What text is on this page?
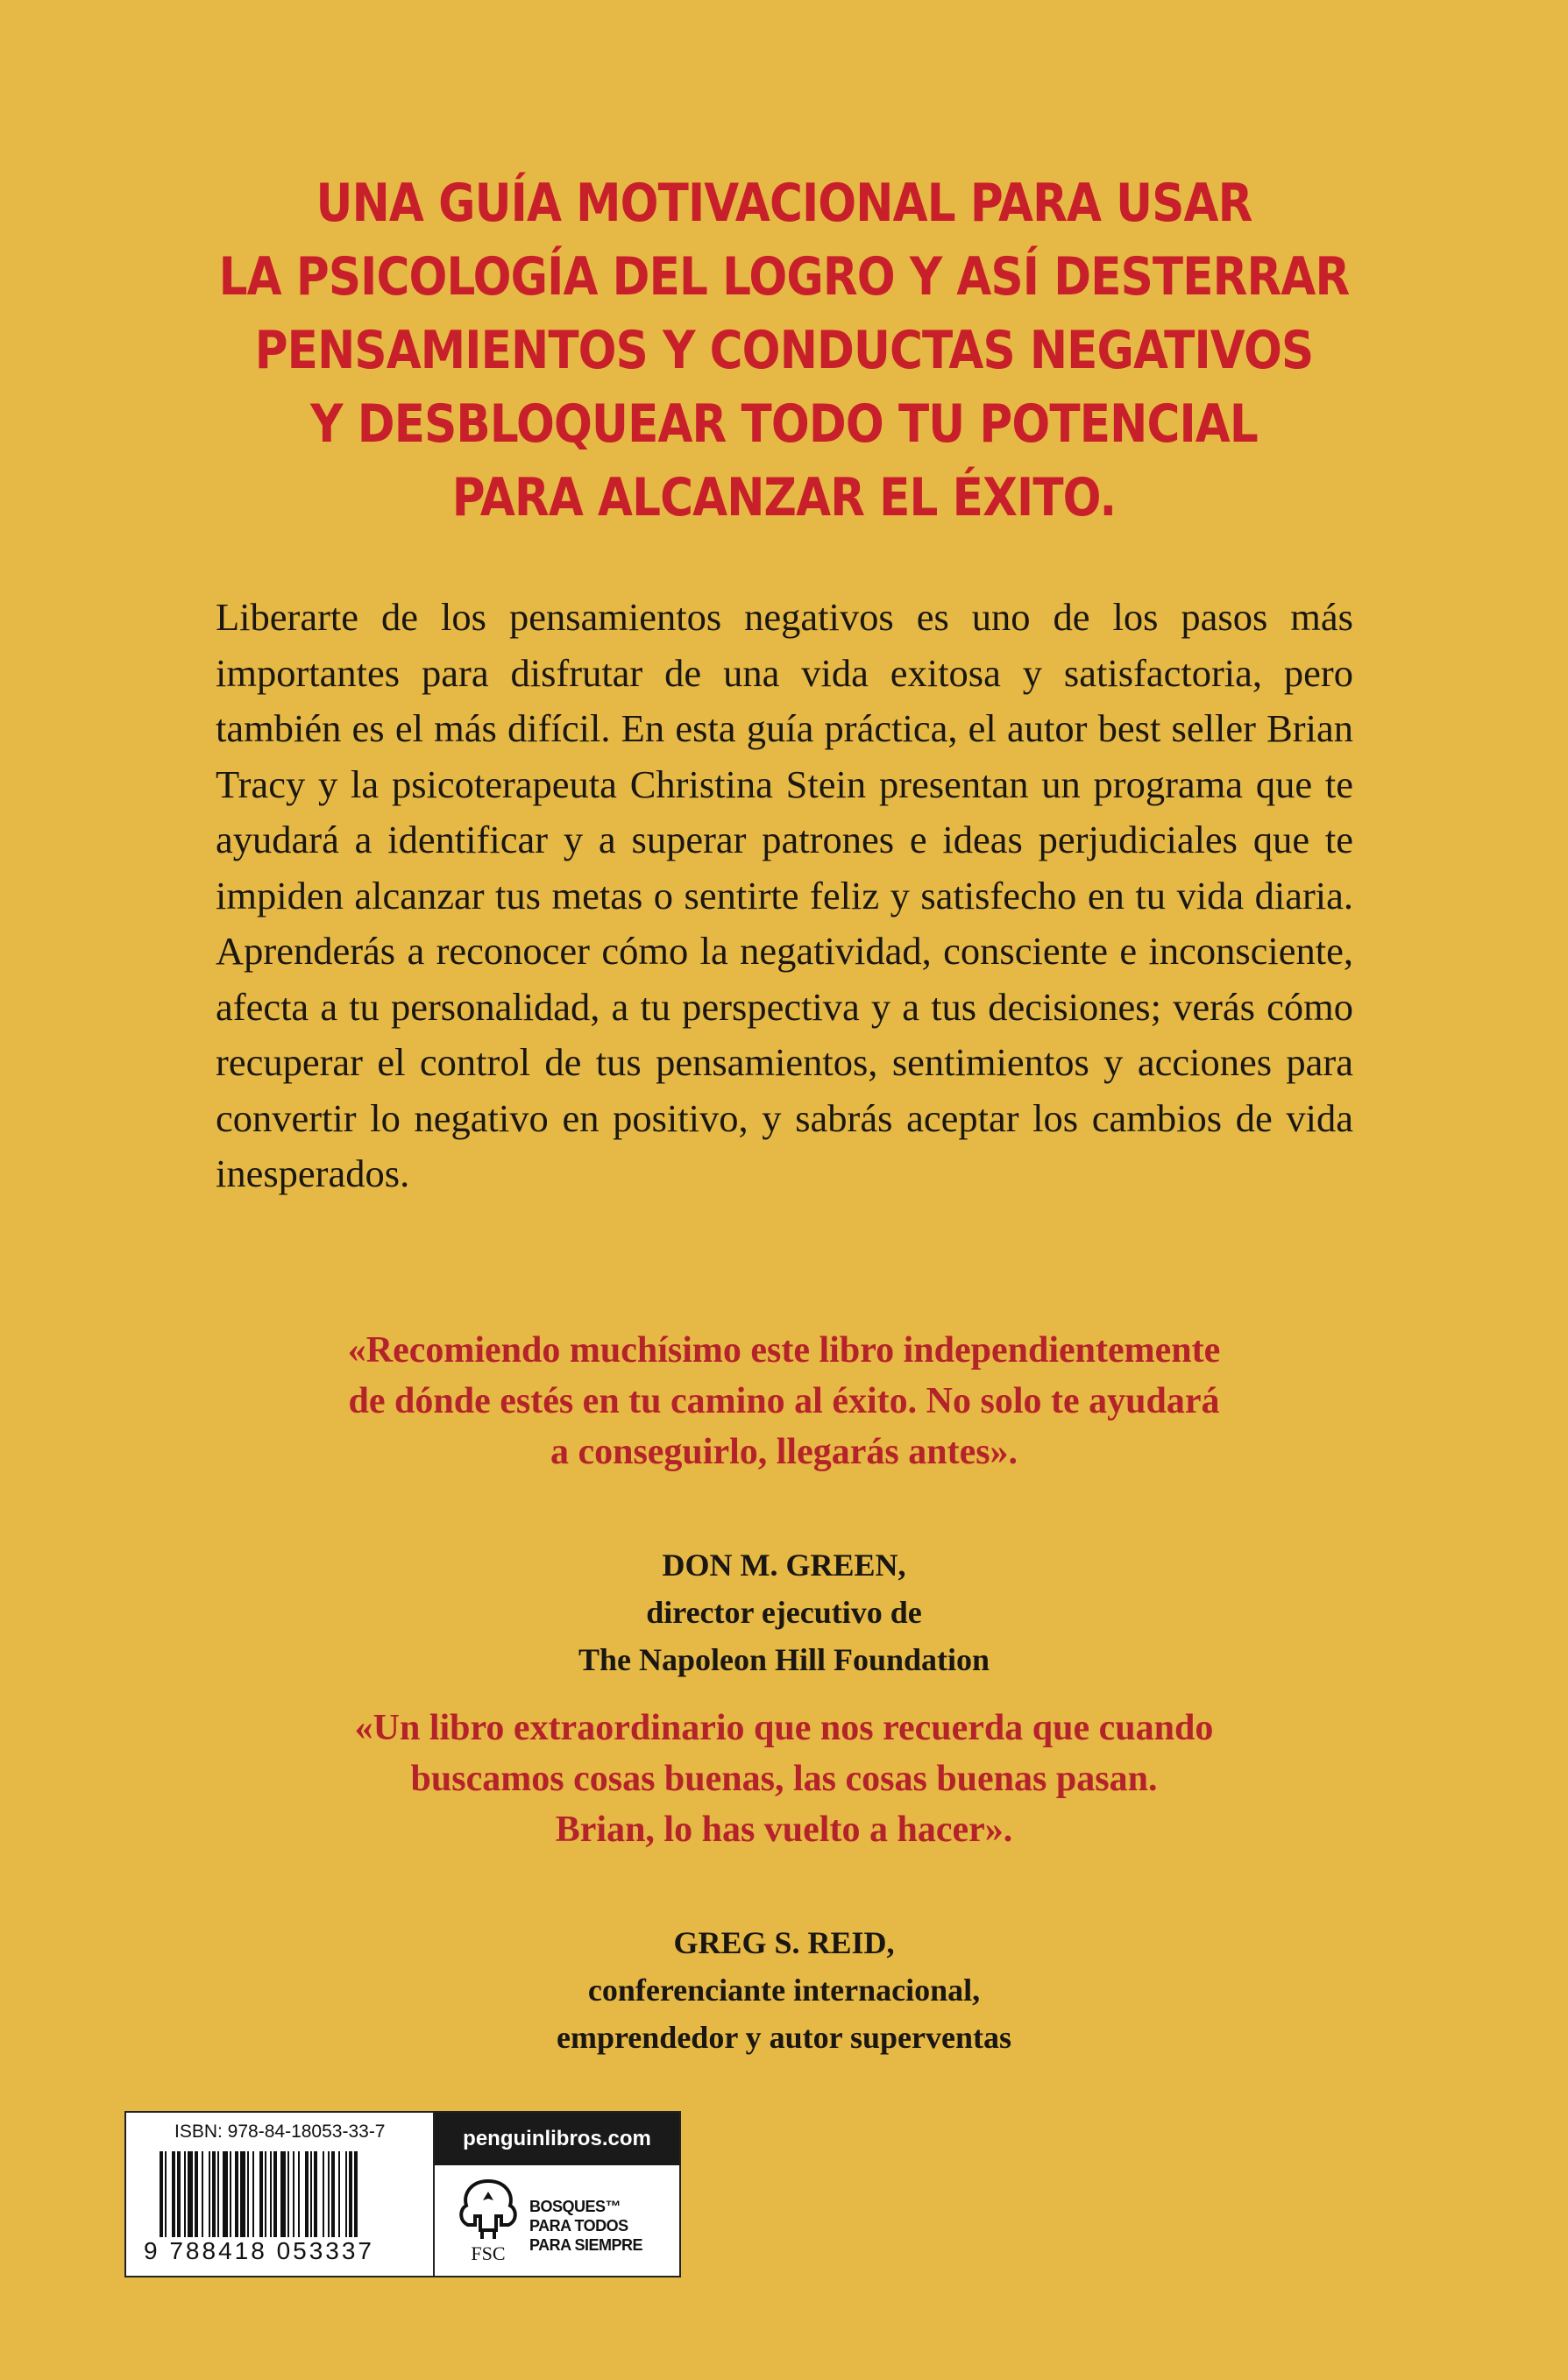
UNA GUÍA MOTIVACIONAL PARA USAR
LA PSICOLOGÍA DEL LOGRO Y ASÍ DESTERRAR
PENSAMIENTOS Y CONDUCTAS NEGATIVOS
Y DESBLOQUEAR TODO TU POTENCIAL
PARA ALCANZAR EL ÉXITO.
Liberarte de los pensamientos negativos es uno de los pasos más importantes para disfrutar de una vida exitosa y satisfactoria, pero también es el más difícil. En esta guía práctica, el autor best seller Brian Tracy y la psicoterapeuta Christina Stein presentan un programa que te ayudará a identificar y a superar patrones e ideas perjudiciales que te impiden alcanzar tus metas o sentirte feliz y satisfecho en tu vida diaria. Aprenderás a reconocer cómo la negatividad, consciente e inconsciente, afecta a tu personalidad, a tu perspectiva y a tus decisiones; verás cómo recuperar el control de tus pensamientos, sentimientos y acciones para convertir lo negativo en positivo, y sabrás aceptar los cambios de vida inesperados.
«Recomiendo muchísimo este libro independientemente
de dónde estés en tu camino al éxito. No solo te ayudará
a conseguirlo, llegarás antes».
DON M. GREEN,
director ejecutivo de
The Napoleon Hill Foundation
«Un libro extraordinario que nos recuerda que cuando
buscamos cosas buenas, las cosas buenas pasan.
Brian, lo has vuelto a hacer».
GREG S. REID,
conferenciante internacional,
emprendedor y autor superventas
ISBN: 978-84-18053-33-7
9 788418 053337
penguinlibros.com
FSC
BOSQUES™
PARA TODOS
PARA SIEMPRE
